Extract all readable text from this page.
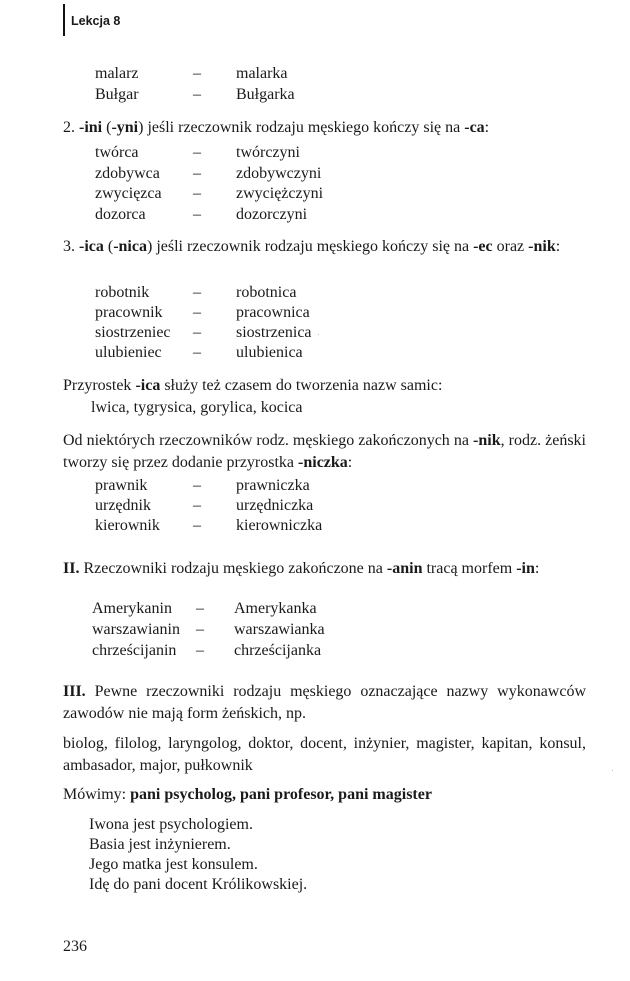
Lekcja 8
malarz	– malarka
Bułgar	– Bułgarka
2. -ini (-yni) jeśli rzeczownik rodzaju męskiego kończy się na -ca:
twórca	– twórczyni
zdobywca – zdobywczyni
zwycięzca – zwyciężczyni
dozorca	– dozorczyni
3. -ica (-nica) jeśli rzeczownik rodzaju męskiego kończy się na -ec oraz -nik:
robotnik	– robotnica
pracownik – pracownica
siostrzeniec – siostrzenica
ulubieniec – ulubienica
Przyrostek -ica służy też czasem do tworzenia nazw samic:
lwica, tygrysica, gorylica, kocica
Od niektórych rzeczowników rodz. męskiego zakończonych na -nik, rodz. żeński tworzy się przez dodanie przyrostka -niczka:
prawnik	– prawniczka
urzędnik	– urzędniczka
kierownik – kierowniczka
II. Rzeczowniki rodzaju męskiego zakończone na -anin tracą morfem -in:
Amerykanin – Amerykanka
warszawianin – warszawianka
chrześcijanin – chrześcijanka
III. Pewne rzeczowniki rodzaju męskiego oznaczające nazwy wykonawców zawodów nie mają form żeńskich, np.
biolog, filolog, laryngolog, doktor, docent, inżynier, magister, kapitan, konsul, ambasador, major, pułkownik
Mówimy: pani psycholog, pani profesor, pani magister
Iwona jest psychologiem.
Basia jest inżynierem.
Jego matka jest konsulem.
Idę do pani docent Królikowskiej.
236
